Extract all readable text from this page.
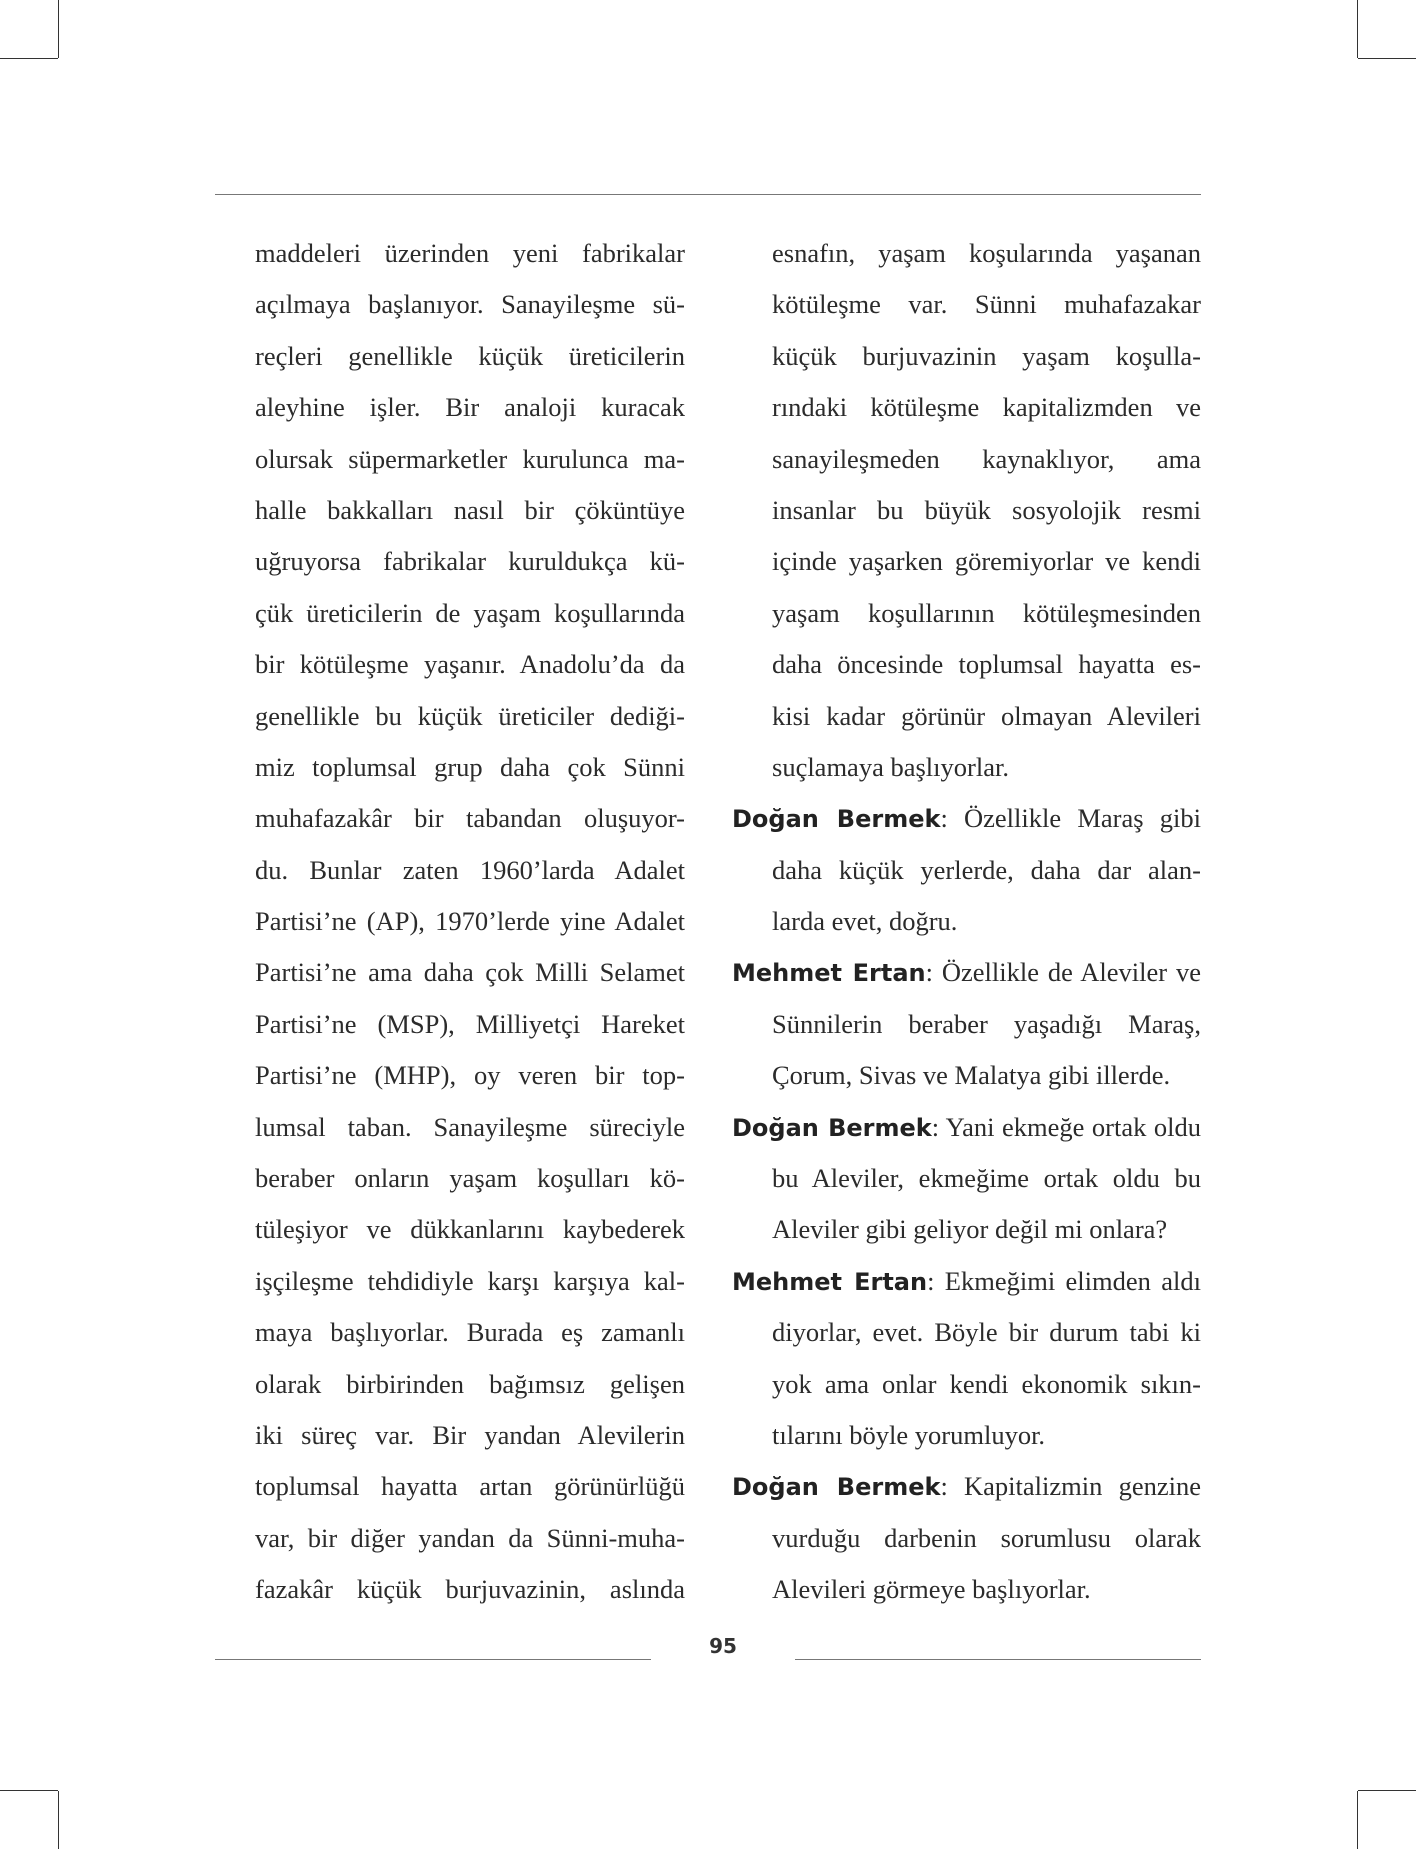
maddeleri üzerinden yeni fabrikalar
açılmaya başlanıyor. Sanayileşme sü-
reçleri genellikle küçük üreticilerin
aleyhine işler. Bir analoji kuracak
olursak süpermarketler kurulunca ma-
halle bakkalları nasıl bir çöküntüye
uğruyorsa fabrikalar kuruldukça kü-
çük üreticilerin de yaşam koşullarında
bir kötüleşme yaşanır. Anadolu’da da
genellikle bu küçük üreticiler dediği-
miz toplumsal grup daha çok Sünni
muhafazakâr bir tabandan oluşuyor-
du. Bunlar zaten 1960’larda Adalet
Partisi’ne (AP), 1970’lerde yine Adalet
Partisi’ne ama daha çok Milli Selamet
Partisi’ne (MSP), Milliyetçi Hareket
Partisi’ne (MHP), oy veren bir top-
lumsal taban. Sanayileşme süreciyle
beraber onların yaşam koşulları kö-
tüleşiyor ve dükkanlarını kaybederek
işçileşme tehdidiyle karşı karşıya kal-
maya başlıyorlar. Burada eş zamanlı
olarak birbirinden bağımsız gelişen
iki süreç var. Bir yandan Alevilerin
toplumsal hayatta artan görünürlüğü
var, bir diğer yandan da Sünni-muha-
fazakâr küçük burjuvazinin, aslında
esnafın, yaşam koşularında yaşanan
kötüleşme var. Sünni muhafazakar
küçük burjuvazinin yaşam koşulla-
rındaki kötüleşme kapitalizmden ve
sanayileşmeden kaynaklıyor, ama
insanlar bu büyük sosyolojik resmi
içinde yaşarken göremiyorlar ve kendi
yaşam koşullarının kötüleşmesinden
daha öncesinde toplumsal hayatta es-
kisi kadar görünür olmayan Alevileri
suçlamaya başlıyorlar.
Doğan Bermek: Özellikle Maraş gibi
daha küçük yerlerde, daha dar alan-
larda evet, doğru.
Mehmet Ertan: Özellikle de Aleviler ve
Sünnilerin beraber yaşadığı Maraş,
Çorum, Sivas ve Malatya gibi illerde.
Doğan Bermek: Yani ekmeğe ortak oldu
bu Aleviler, ekmeğime ortak oldu bu
Aleviler gibi geliyor değil mi onlara?
Mehmet Ertan: Ekmeğimi elimden aldı
diyorlar, evet. Böyle bir durum tabi ki
yok ama onlar kendi ekonomik sıkın-
tılarını böyle yorumluyor.
Doğan Bermek: Kapitalizmin genzine
vurduğu darbenin sorumlusu olarak
Alevileri görmeye başlıyorlar.
95
